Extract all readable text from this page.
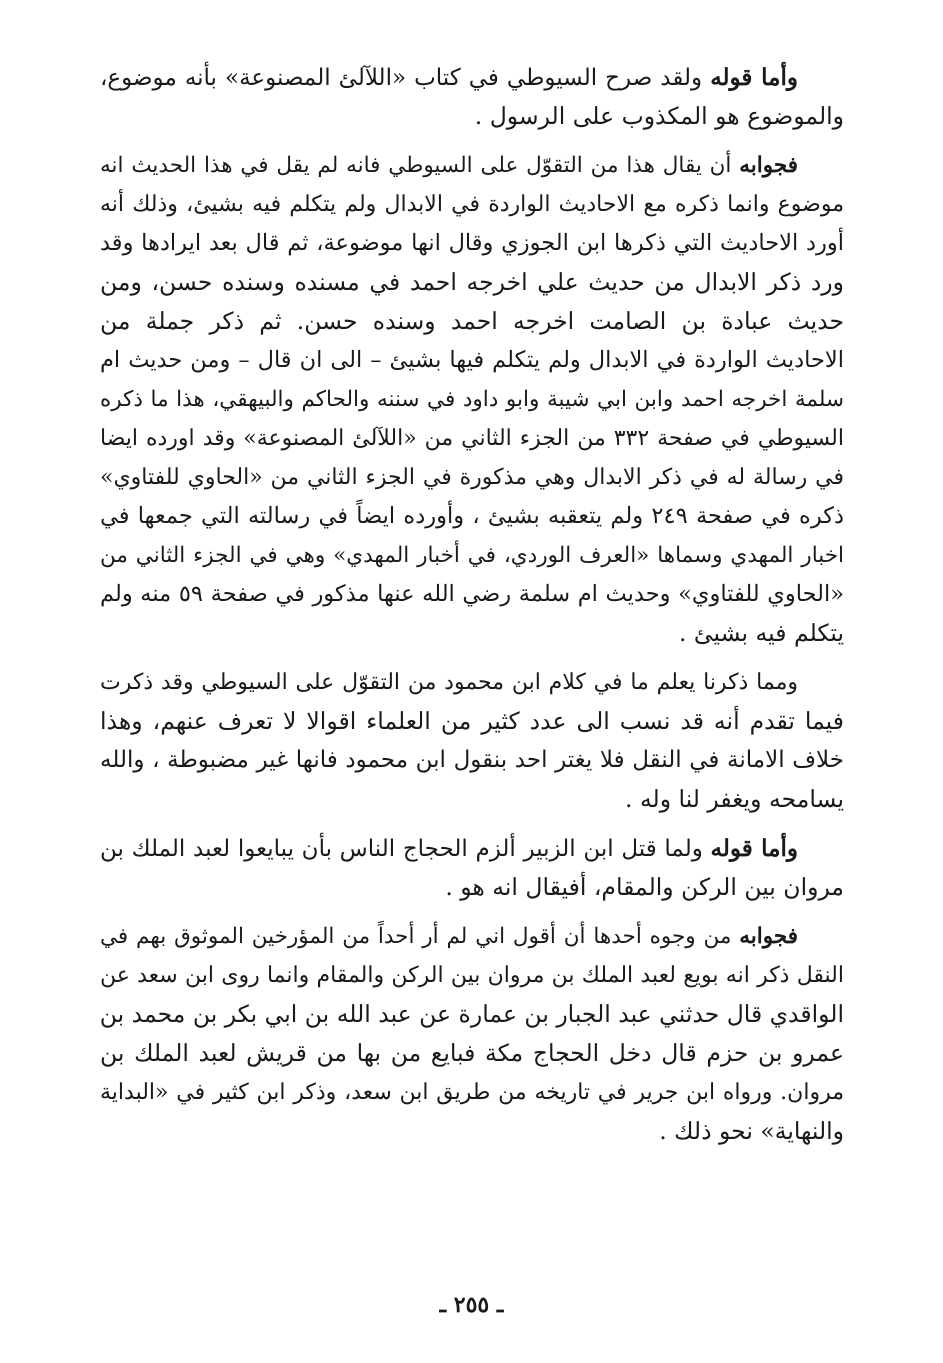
وأما قوله ولقد صرح السيوطي في كتاب «اللآلئ المصنوعة» بأنه موضوع،
والموضوع هو المكذوب على الرسول .
فجوابه أن يقال هذا من التقوّل على السيوطي فانه لم يقل في هذا الحديث انه
موضوع وانما ذكره مع الاحاديث الواردة في الابدال ولم يتكلم فيه بشيئ، وذلك أنه
أورد الاحاديث التي ذكرها ابن الجوزي وقال انها موضوعة، ثم قال بعد ايرادها وقد
ورد ذكر الابدال من حديث علي اخرجه احمد في مسنده وسنده حسن، ومن
حديث عبادة بن الصامت اخرجه احمد وسنده حسن. ثم ذكر جملة من
الاحاديث الواردة في الابدال ولم يتكلم فيها بشيئ – الى ان قال – ومن حديث ام
سلمة اخرجه احمد وابن ابي شيبة وابو داود في سننه والحاكم والبيهقي، هذا ما ذكره
السيوطي في صفحة ٣٣٢ من الجزء الثاني من «اللآلئ المصنوعة» وقد اورده ايضا
في رسالة له في ذكر الابدال وهي مذكورة في الجزء الثاني من «الحاوي للفتاوي»
ذكره في صفحة ٢٤٩ ولم يتعقبه بشيئ ، وأورده ايضاً في رسالته التي جمعها في
اخبار المهدي وسماها «العرف الوردي، في أخبار المهدي» وهي في الجزء الثاني من
«الحاوي للفتاوي» وحديث ام سلمة رضي الله عنها مذكور في صفحة ٥٩ منه ولم
يتكلم فيه بشيئ .
ومما ذكرنا يعلم ما في كلام ابن محمود من التقوّل على السيوطي وقد ذكرت
فيما تقدم أنه قد نسب الى عدد كثير من العلماء اقوالا لا تعرف عنهم، وهذا
خلاف الامانة في النقل فلا يغتر احد بنقول ابن محمود فانها غير مضبوطة ، والله
يسامحه ويغفر لنا وله .
وأما قوله ولما قتل ابن الزبير ألزم الحجاج الناس بأن يبايعوا لعبد الملك بن
مروان بين الركن والمقام، أفيقال انه هو .
فجوابه من وجوه أحدها أن أقول اني لم أر أحداً من المؤرخين الموثوق بهم في
النقل ذكر انه بويع لعبد الملك بن مروان بين الركن والمقام وانما روى ابن سعد عن
الواقدي قال حدثني عبد الجبار بن عمارة عن عبد الله بن ابي بكر بن محمد بن
عمرو بن حزم قال دخل الحجاج مكة فبايع من بها من قريش لعبد الملك بن
مروان. ورواه ابن جرير في تاريخه من طريق ابن سعد، وذكر ابن كثير في «البداية
والنهاية» نحو ذلك .
ـ ٢٥٥ ـ
